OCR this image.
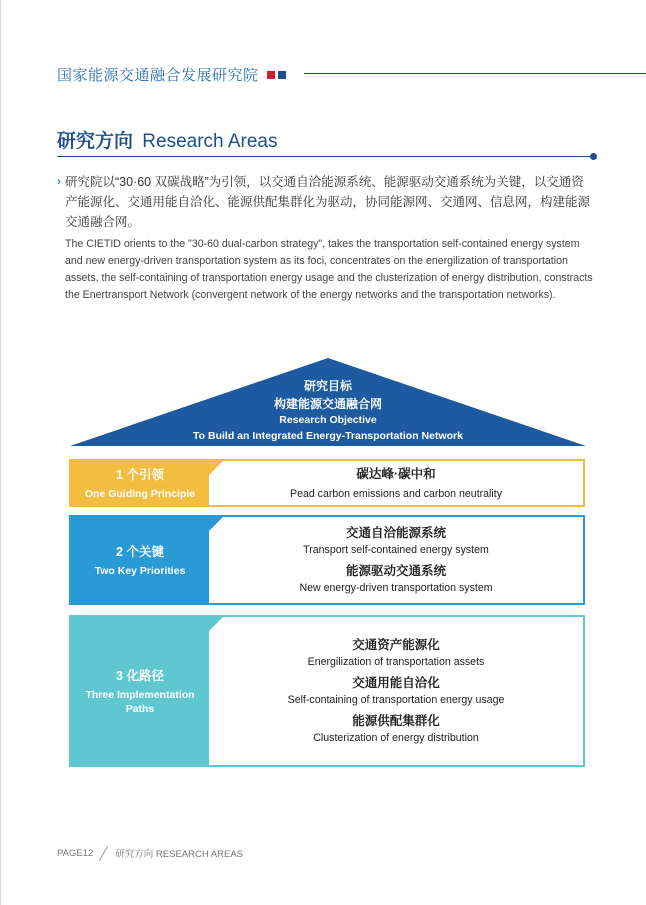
国家能源交通融合发展研究院
研究方向 Research Areas
› 研究院以“30·60 双碳战略”为引领，以交通自洽能源系统、能源驱动交通系统为关键，以交通资产能源化、交通用能自洽化、能源供配集群化为驱动，协同能源网、交通网、信息网，构建能源交通融合网。
The CIETID orients to the "30-60 dual-carbon strategy", takes the transportation self-contained energy system and new energy-driven transportation system as its foci, concentrates on the energilization of transportation assets, the self-containing of transportation energy usage and the clusterization of energy distribution, constracts the Enertransport Network (convergent network of the energy networks and the transportation networks).
研究目标
构建能源交通融合网
Research Objective
To Build an Integrated Energy-Transportation Network
1 个引领
One Guiding Principle
碳达峰·碳中和
Pead carbon emissions and carbon neutrality
2 个关键
Two Key Priorities
交通自洽能源系统
Transport self-contained energy system
能源驱动交通系统
New energy-driven transportation system
3 化路径
Three Implementation Paths
交通资产能源化
Energilization of transportation assets
交通用能自洽化
Self-containing of transportation energy usage
能源供配集群化
Clusterization of energy distribution
PAGE12 研究方向 RESEARCH AREAS
